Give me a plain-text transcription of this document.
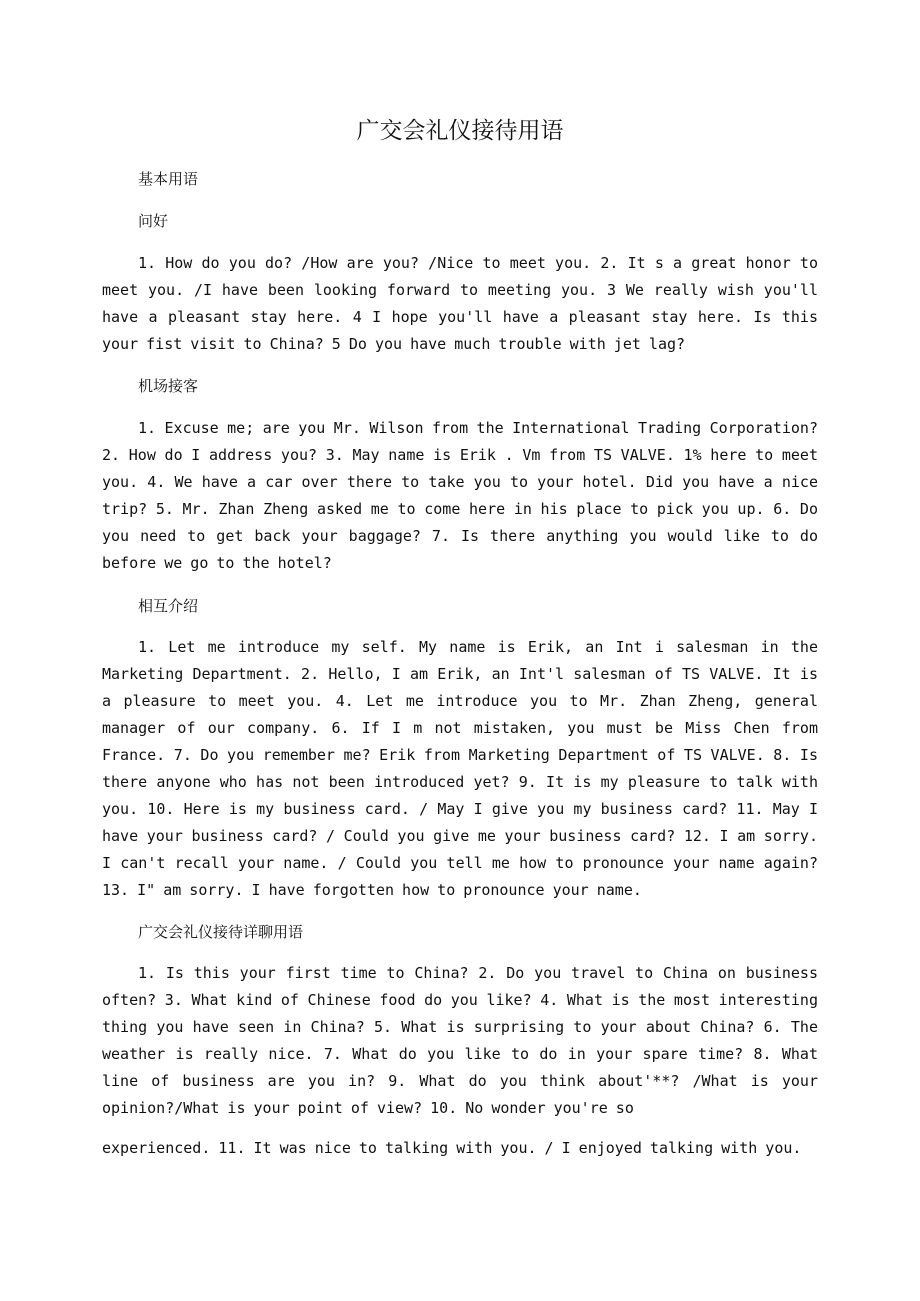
广交会礼仪接待用语

基本用语

问好

1. How do you do? /How are you? /Nice to meet you. 2. It s a great honor to meet you. /I have been looking forward to meeting you. 3 We really wish you'll have a pleasant stay here. 4 I hope you'll have a pleasant stay here. Is this your fist visit to China? 5 Do you have much trouble with jet lag?

机场接客

1. Excuse me; are you Mr. Wilson from the International Trading Corporation? 2. How do I address you? 3. May name is Erik . Vm from TS VALVE. 1% here to meet you. 4. We have a car over there to take you to your hotel. Did you have a nice trip? 5. Mr. Zhan Zheng asked me to come here in his place to pick you up. 6. Do you need to get back your baggage? 7. Is there anything you would like to do before we go to the hotel?

相互介绍

1. Let me introduce my self. My name is Erik, an Int i salesman in the Marketing Department. 2. Hello, I am Erik, an Int'l salesman of TS VALVE. It is a pleasure to meet you. 4. Let me introduce you to Mr. Zhan Zheng, general manager of our company. 6. If I m not mistaken, you must be Miss Chen from France. 7. Do you remember me? Erik from Marketing Department of TS VALVE. 8. Is there anyone who has not been introduced yet? 9. It is my pleasure to talk with you. 10. Here is my business card. / May I give you my business card? 11. May I have your business card? / Could you give me your business card? 12. I am sorry. I can't recall your name. / Could you tell me how to pronounce your name again? 13. I" am sorry. I have forgotten how to pronounce your name.

广交会礼仪接待详聊用语

1. Is this your first time to China? 2. Do you travel to China on business often? 3. What kind of Chinese food do you like? 4. What is the most interesting thing you have seen in China? 5. What is surprising to your about China? 6. The weather is really nice. 7. What do you like to do in your spare time? 8. What line of business are you in? 9. What do you think about'**? /What is your opinion?/What is your point of view? 10. No wonder you're so

experienced. 11. It was nice to talking with you. / I enjoyed talking with you.
